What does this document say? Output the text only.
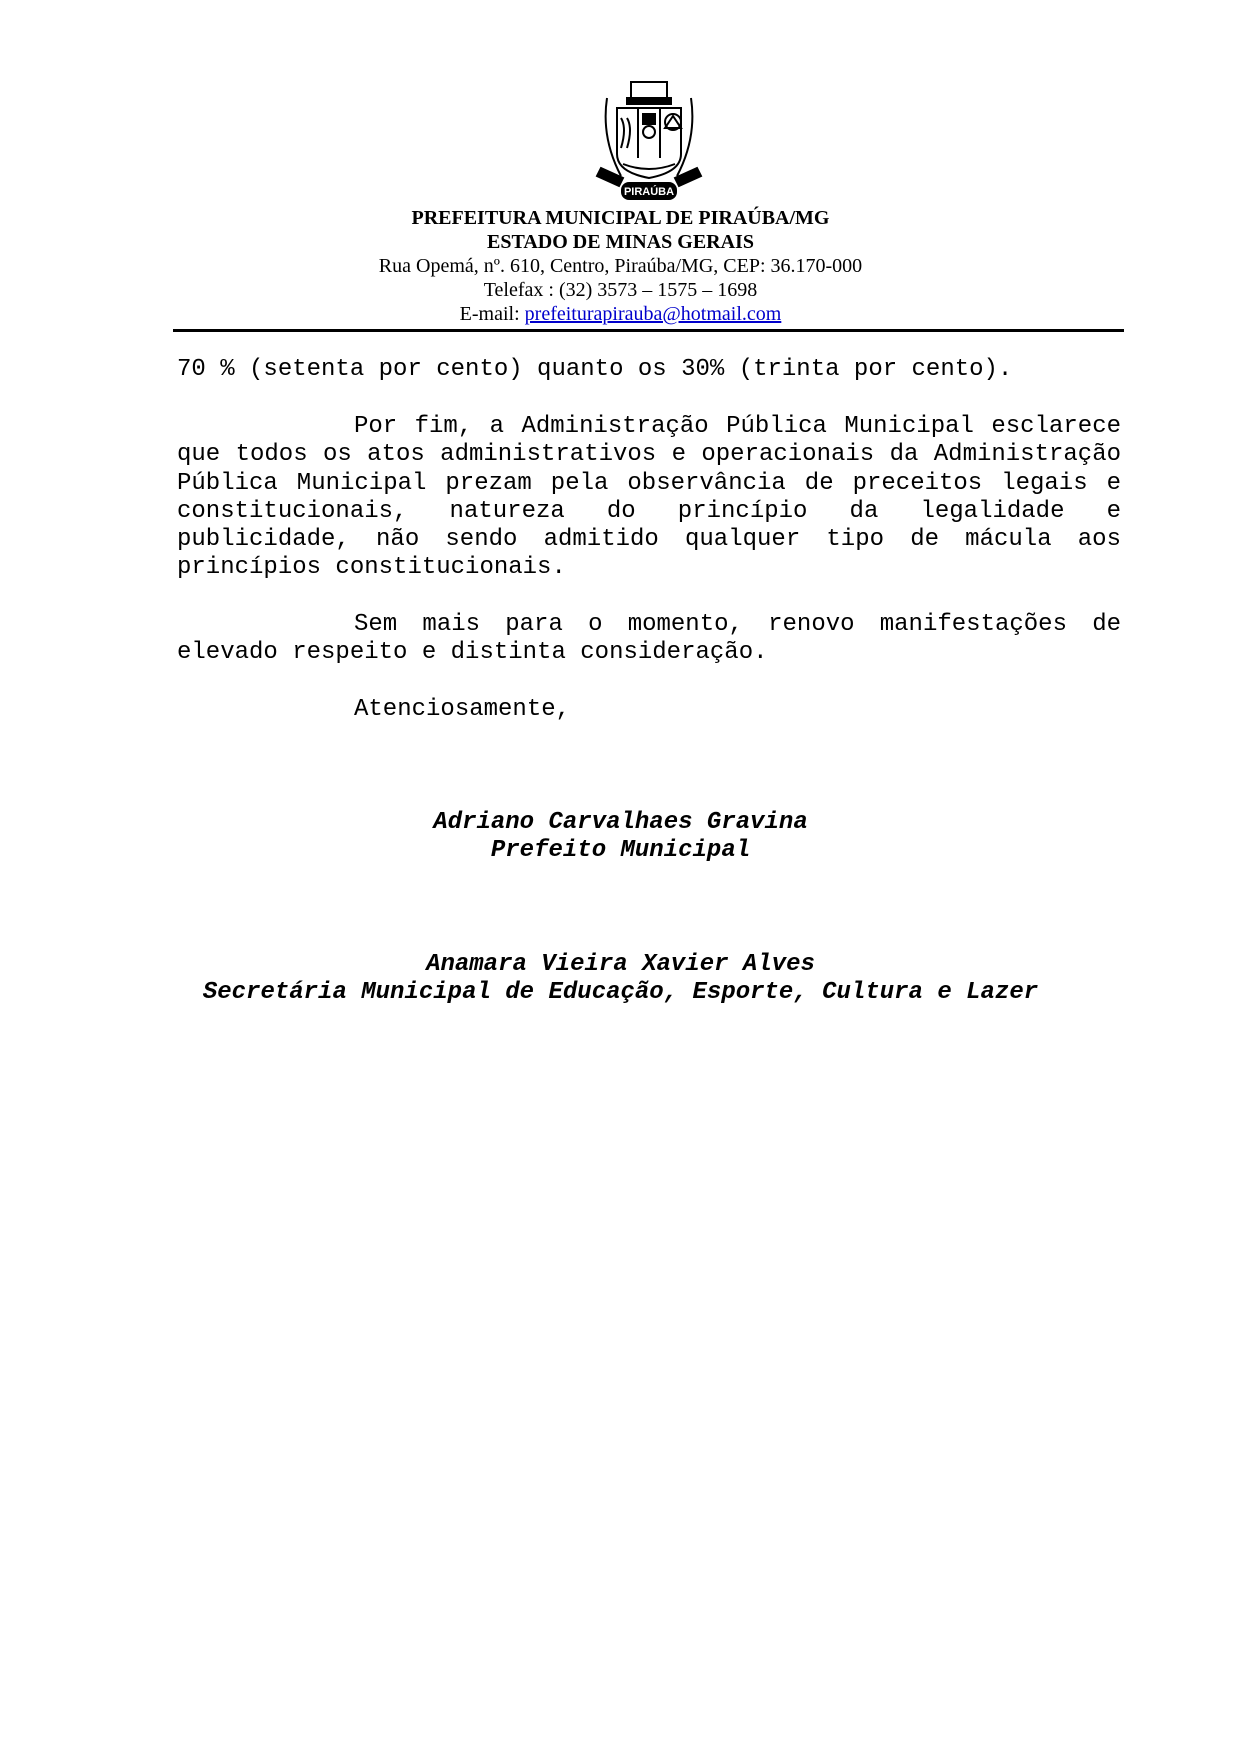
PIRAÚBA
PREFEITURA MUNICIPAL DE PIRAÚBA/MG
ESTADO DE MINAS GERAIS
Rua Opemá, nº. 610, Centro, Piraúba/MG, CEP: 36.170-000
Telefax : (32) 3573 – 1575 – 1698
E-mail: prefeiturapirauba@hotmail.com
70 % (setenta por cento) quanto os 30% (trinta por cento).
Por fim, a Administração Pública Municipal esclarece que todos os atos administrativos e operacionais da Administração Pública Municipal prezam pela observância de preceitos legais e constitucionais, natureza do princípio da legalidade e publicidade, não sendo admitido qualquer tipo de mácula aos princípios constitucionais.
Sem mais para o momento, renovo manifestações de elevado respeito e distinta consideração.
Atenciosamente,
Adriano Carvalhaes Gravina
Prefeito Municipal
Anamara Vieira Xavier Alves
Secretária Municipal de Educação, Esporte, Cultura e Lazer
